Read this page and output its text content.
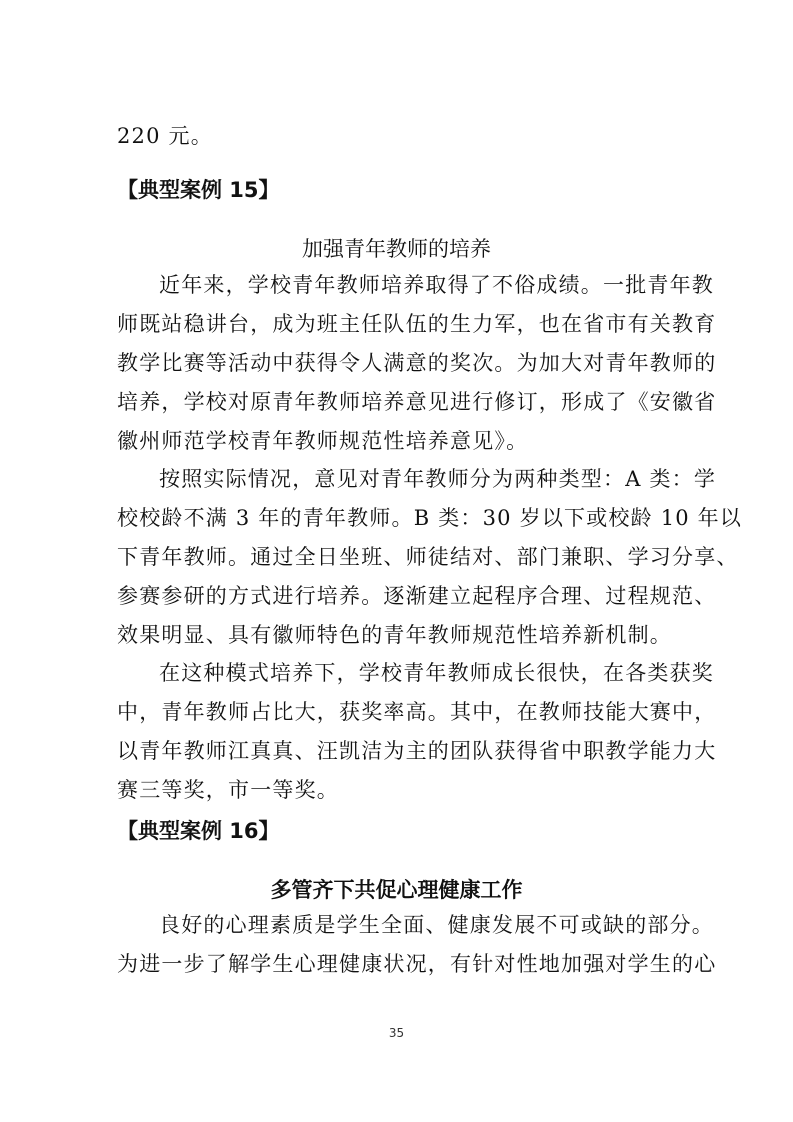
220 元。
【典型案例 15】
加强青年教师的培养
近年来，学校青年教师培养取得了不俗成绩。一批青年教
师既站稳讲台，成为班主任队伍的生力军，也在省市有关教育
教学比赛等活动中获得令人满意的奖次。为加大对青年教师的
培养，学校对原青年教师培养意见进行修订，形成了《安徽省
徽州师范学校青年教师规范性培养意见》。
按照实际情况，意见对青年教师分为两种类型：A 类：学
校校龄不满 3 年的青年教师。B 类：30 岁以下或校龄 10 年以
下青年教师。通过全日坐班、师徒结对、部门兼职、学习分享、
参赛参研的方式进行培养。逐渐建立起程序合理、过程规范、
效果明显、具有徽师特色的青年教师规范性培养新机制。
在这种模式培养下，学校青年教师成长很快，在各类获奖
中，青年教师占比大，获奖率高。其中，在教师技能大赛中，
以青年教师江真真、汪凯洁为主的团队获得省中职教学能力大
赛三等奖，市一等奖。
【典型案例 16】
多管齐下共促心理健康工作
良好的心理素质是学生全面、健康发展不可或缺的部分。
为进一步了解学生心理健康状况，有针对性地加强对学生的心
35
